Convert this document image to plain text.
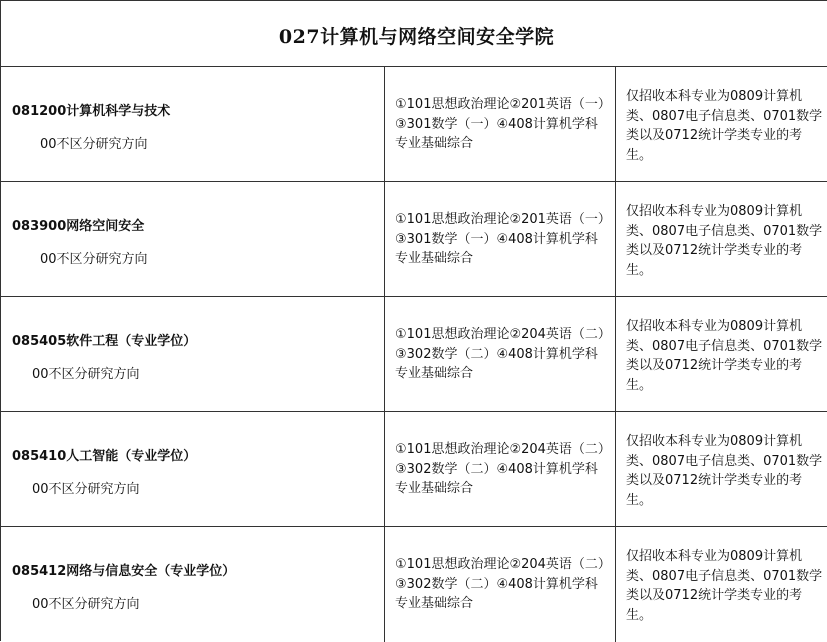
027计算机与网络空间安全学院
081200计算机科学与技术
00不区分研究方向
①101思想政治理论②201英语（一）③301数学（一）④408计算机学科专业基础综合
仅招收本科专业为0809计算机类、0807电子信息类、0701数学类以及0712统计学类专业的考生。
083900网络空间安全
00不区分研究方向
①101思想政治理论②201英语（一）③301数学（一）④408计算机学科专业基础综合
仅招收本科专业为0809计算机类、0807电子信息类、0701数学类以及0712统计学类专业的考生。
085405软件工程（专业学位）
00不区分研究方向
①101思想政治理论②204英语（二）③302数学（二）④408计算机学科专业基础综合
仅招收本科专业为0809计算机类、0807电子信息类、0701数学类以及0712统计学类专业的考生。
085410人工智能（专业学位）
00不区分研究方向
①101思想政治理论②204英语（二）③302数学（二）④408计算机学科专业基础综合
仅招收本科专业为0809计算机类、0807电子信息类、0701数学类以及0712统计学类专业的考生。
085412网络与信息安全（专业学位）
00不区分研究方向
①101思想政治理论②204英语（二）③302数学（二）④408计算机学科专业基础综合
仅招收本科专业为0809计算机类、0807电子信息类、0701数学类以及0712统计学类专业的考生。
